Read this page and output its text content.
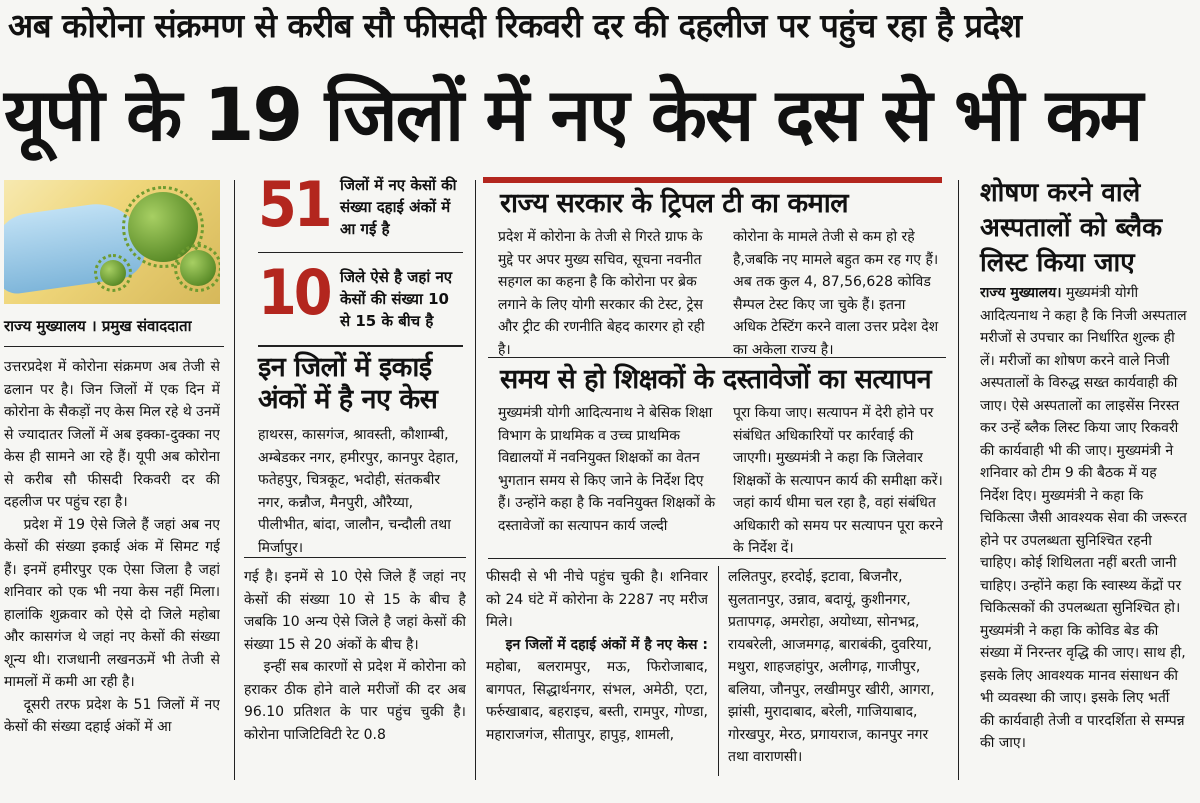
अब कोरोना संक्रमण से करीब सौ फीसदी रिकवरी दर की दहलीज पर पहुंच रहा है प्रदेश
यूपी के 19 जिलों में नए केस दस से भी कम
राज्य मुख्यालय । प्रमुख संवाददाता

उत्तरप्रदेश में कोरोना संक्रमण अब तेजी से ढलान पर है। जिन जिलों में एक दिन में कोरोना के सैकड़ों नए केस मिल रहे थे उनमें से ज्यादातर जिलों में अब इक्का-दुक्का नए केस ही सामने आ रहे हैं। यूपी अब कोरोना से करीब सौ फीसदी रिकवरी दर की दहलीज पर पहुंच रहा है।

प्रदेश में 19 ऐसे जिले हैं जहां अब नए केसों की संख्या इकाई अंक में सिमट गई हैं। इनमें हमीरपुर एक ऐसा जिला है जहां शनिवार को एक भी नया केस नहीं मिला। हालांकि शुक्रवार को ऐसे दो जिले महोबा और कासगंज थे जहां नए केसों की संख्या शून्य थी। राजधानी लखनऊमें भी तेजी से मामलों में कमी आ रही है।

दूसरी तरफ प्रदेश के 51 जिलों में नए केसों की संख्या दहाई अंकों में आ

51 जिलों में नए केसों की संख्या दहाई अंकों में आ गई है
10 जिले ऐसे है जहां नए केसों की संख्या 10 से 15 के बीच है
इन जिलों में इकाई अंकों में है नए केस
हाथरस, कासगंज, श्रावस्ती, कौशाम्बी, अम्बेडकर नगर, हमीरपुर, कानपुर देहात, फतेहपुर, चित्रकूट, भदोही, संतकबीर नगर, कन्नौज, मैनपुरी, औरैय्या, पीलीभीत, बांदा, जालौन, चन्दौली तथा मिर्जापुर।

गई है। इनमें से 10 ऐसे जिले हैं जहां नए केसों की संख्या 10 से 15 के बीच है जबकि 10 अन्य ऐसे जिले है जहां केसों की संख्या 15 से 20 अंकों के बीच है।

इन्हीं सब कारणों से प्रदेश में कोरोना को हराकर ठीक होने वाले मरीजों की दर अब 96.10 प्रतिशत के पार पहुंच चुकी है। कोरोना पाजिटिविटी रेट 0.8

राज्य सरकार के ट्रिपल टी का कमाल
प्रदेश में कोरोना के तेजी से गिरते ग्राफ के मुद्दे पर अपर मुख्य सचिव, सूचना नवनीत सहगल का कहना है कि कोरोना पर ब्रेक लगाने के लिए योगी सरकार की टेस्ट, ट्रेस और ट्रीट की रणनीति बेहद कारगर हो रही है।
कोरोना के मामले तेजी से कम हो रहे है,जबकि नए मामले बहुत कम रह गए हैं। अब तक कुल 4, 87,56,628 कोविड सैम्पल टेस्ट किए जा चुके हैं। इतना अधिक टेस्टिंग करने वाला उत्तर प्रदेश देश का अकेला राज्य है।
समय से हो शिक्षकों के दस्तावेजों का सत्यापन
मुख्यमंत्री योगी आदित्यनाथ ने बेसिक शिक्षा विभाग के प्राथमिक व उच्च प्राथमिक विद्यालयों में नवनियुक्त शिक्षकों का वेतन भुगतान समय से किए जाने के निर्देश दिए हैं। उन्होंने कहा है कि नवनियुक्त शिक्षकों के दस्तावेजों का सत्यापन कार्य जल्दी
पूरा किया जाए। सत्यापन में देरी होने पर संबंधित अधिकारियों पर कार्रवाई की जाएगी। मुख्यमंत्री ने कहा कि जिलेवार शिक्षकों के सत्यापन कार्य की समीक्षा करें। जहां कार्य धीमा चल रहा है, वहां संबंधित अधिकारी को समय पर सत्यापन पूरा करने के निर्देश दें।

फीसदी से भी नीचे पहुंच चुकी है। शनिवार को 24 घंटे में कोरोना के 2287 नए मरीज मिले।

इन जिलों में दहाई अंकों में है नए केस : महोबा, बलरामपुर, मऊ, फिरोजाबाद, बागपत, सिद्धार्थनगर, संभल, अमेठी, एटा, फर्रुखाबाद, बहराइच, बस्ती, रामपुर, गोण्डा, महाराजगंज, सीतापुर, हापुड़, शामली,

ललितपुर, हरदोई, इटावा, बिजनौर, सुलतानपुर, उन्नाव, बदायूं, कुशीनगर, प्रतापगढ़, अमरोहा, अयोध्या, सोनभद्र, रायबरेली, आजमगढ़, बाराबंकी, दुवरिया, मथुरा, शाहजहांपुर, अलीगढ़, गाजीपुर, बलिया, जौनपुर, लखीमपुर खीरी, आगरा, झांसी, मुरादाबाद, बरेली, गाजियाबाद, गोरखपुर, मेरठ, प्रगायराज, कानपुर नगर तथा वाराणसी।
शोषण करने वाले अस्पतालों को ब्लैक लिस्ट किया जाए
राज्य मुख्यालय। मुख्यमंत्री योगी आदित्यनाथ ने कहा है कि निजी अस्पताल मरीजों से उपचार का निर्धारित शुल्क ही लें। मरीजों का शोषण करने वाले निजी अस्पतालों के विरुद्ध सख्त कार्यवाही की जाए। ऐसे अस्पतालों का लाइसेंस निरस्त कर उन्हें ब्लैक लिस्ट किया जाए रिकवरी की कार्यवाही भी की जाए। मुख्यमंत्री ने शनिवार को टीम 9 की बैठक में यह निर्देश दिए। मुख्यमंत्री ने कहा कि चिकित्सा जैसी आवश्यक सेवा की जरूरत होने पर उपलब्धता सुनिश्चित रहनी चाहिए। कोई शिथिलता नहीं बरती जानी चाहिए। उन्होंने कहा कि स्वास्थ्य केंद्रों पर चिकित्सकों की उपलब्धता सुनिश्चित हो। मुख्यमंत्री ने कहा कि कोविड बेड की संख्या में निरन्तर वृद्धि की जाए। साथ ही, इसके लिए आवश्यक मानव संसाधन की भी व्यवस्था की जाए। इसके लिए भर्ती की कार्यवाही तेजी व पारदर्शिता से सम्पन्न की जाए।
